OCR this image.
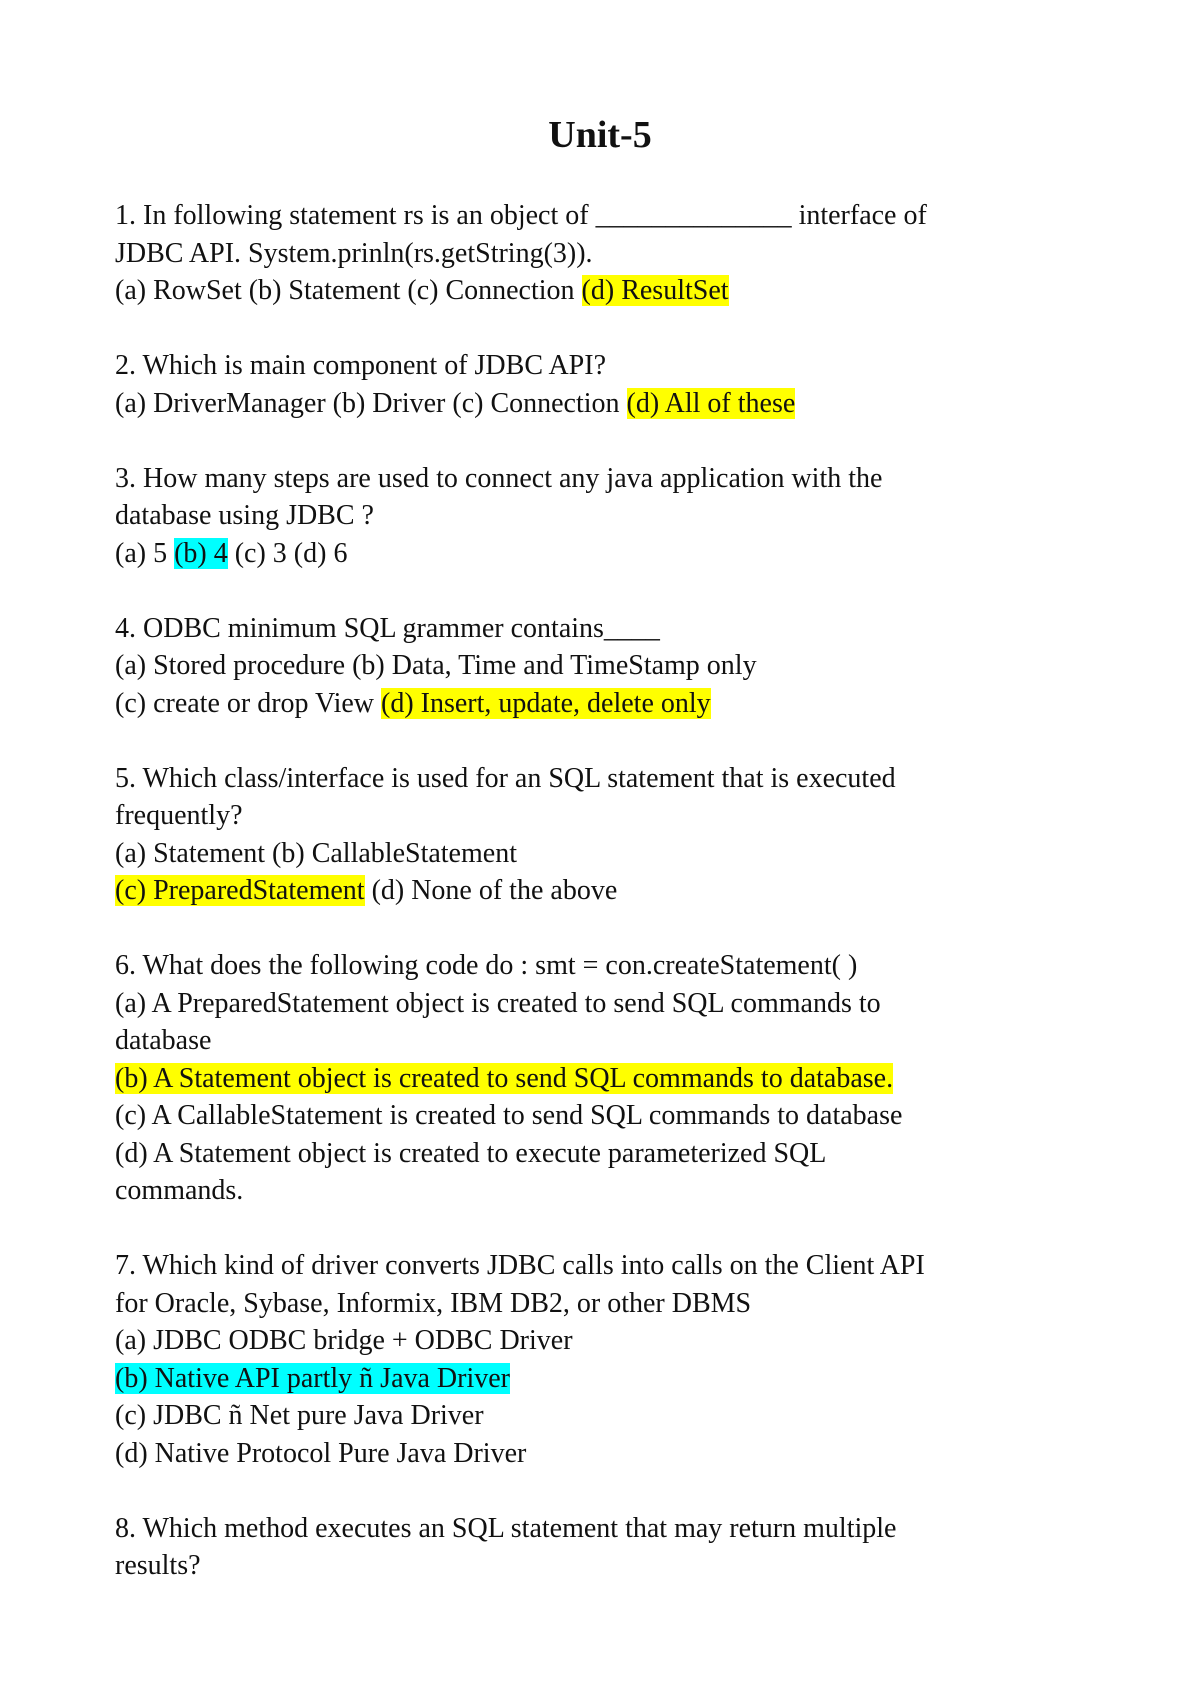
Unit-5
1. In following statement rs is an object of ______________ interface of
JDBC API. System.prinln(rs.getString(3)).
(a) RowSet (b) Statement (c) Connection (d) ResultSet
2. Which is main component of JDBC API?
(a) DriverManager (b) Driver (c) Connection (d) All of these
3. How many steps are used to connect any java application with the
database using JDBC ?
(a) 5 (b) 4 (c) 3 (d) 6
4. ODBC minimum SQL grammer contains____
(a) Stored procedure (b) Data, Time and TimeStamp only
(c) create or drop View (d) Insert, update, delete only
5. Which class/interface is used for an SQL statement that is executed
frequently?
(a) Statement (b) CallableStatement
(c) PreparedStatement (d) None of the above
6. What does the following code do : smt = con.createStatement( )
(a) A PreparedStatement object is created to send SQL commands to
database
(b) A Statement object is created to send SQL commands to database.
(c) A CallableStatement is created to send SQL commands to database
(d) A Statement object is created to execute parameterized SQL
commands.
7. Which kind of driver converts JDBC calls into calls on the Client API
for Oracle, Sybase, Informix, IBM DB2, or other DBMS
(a) JDBC ODBC bridge + ODBC Driver
(b) Native API partly ñ Java Driver
(c) JDBC ñ Net pure Java Driver
(d) Native Protocol Pure Java Driver
8. Which method executes an SQL statement that may return multiple
results?
